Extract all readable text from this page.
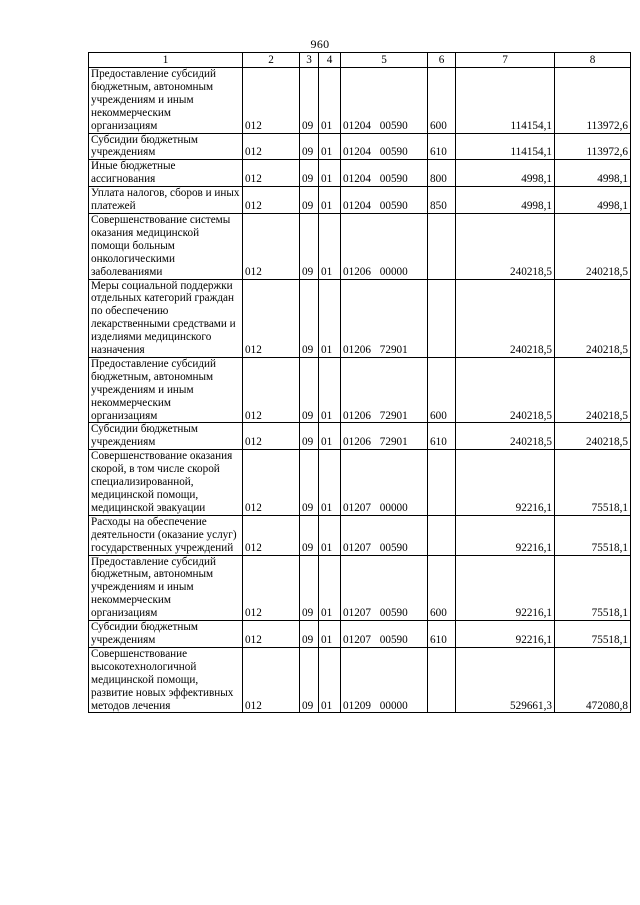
960
1	2	3	4	5	6	7	8
Предоставление субсидий бюджетным, автономным учреждениям и иным некоммерческим организациям	012	09	01	01204 00590	600	114154,1	113972,6
Субсидии бюджетным учреждениям	012	09	01	01204 00590	610	114154,1	113972,6
Иные бюджетные ассигнования	012	09	01	01204 00590	800	4998,1	4998,1
Уплата налогов, сборов и иных платежей	012	09	01	01204 00590	850	4998,1	4998,1
Совершенствование системы оказания медицинской помощи больным онкологическими заболеваниями	012	09	01	01206 00000		240218,5	240218,5
Меры социальной поддержки отдельных категорий граждан по обеспечению лекарственными средствами и изделиями медицинского назначения	012	09	01	01206 72901		240218,5	240218,5
Предоставление субсидий бюджетным, автономным учреждениям и иным некоммерческим организациям	012	09	01	01206 72901	600	240218,5	240218,5
Субсидии бюджетным учреждениям	012	09	01	01206 72901	610	240218,5	240218,5
Совершенствование оказания скорой, в том числе скорой специализированной, медицинской помощи, медицинской эвакуации	012	09	01	01207 00000		92216,1	75518,1
Расходы на обеспечение деятельности (оказание услуг) государственных учреждений	012	09	01	01207 00590		92216,1	75518,1
Предоставление субсидий бюджетным, автономным учреждениям и иным некоммерческим организациям	012	09	01	01207 00590	600	92216,1	75518,1
Субсидии бюджетным учреждениям	012	09	01	01207 00590	610	92216,1	75518,1
Совершенствование высокотехнологичной медицинской помощи, развитие новых эффективных методов лечения	012	09	01	01209 00000		529661,3	472080,8
